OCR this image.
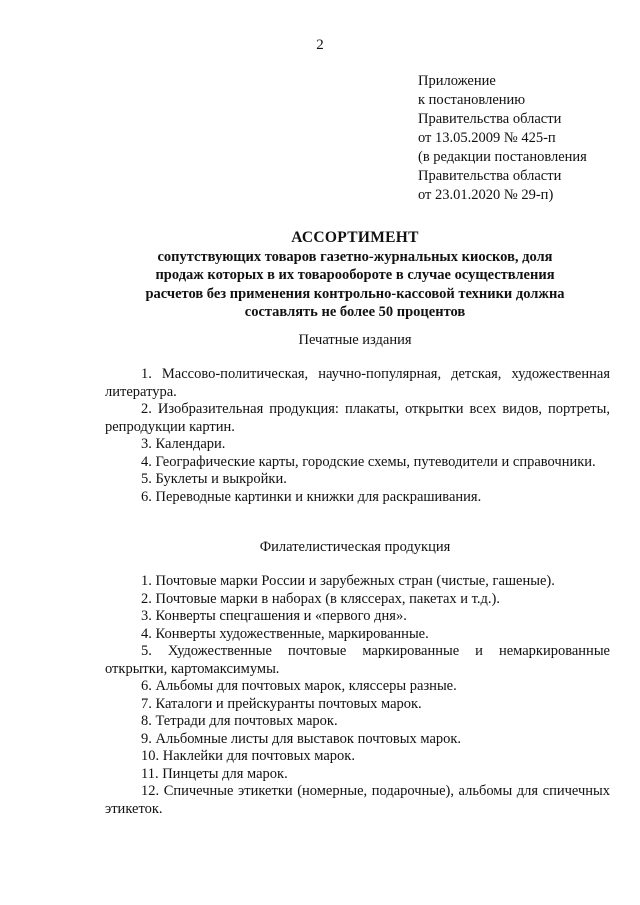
2
Приложение
к постановлению
Правительства области
от 13.05.2009 № 425-п
(в редакции постановления
Правительства области
от 23.01.2020 № 29-п)
АССОРТИМЕНТ
сопутствующих товаров газетно-журнальных киосков, доля
продаж которых в их товарообороте в случае осуществления
расчетов без применения контрольно-кассовой техники должна
составлять не более 50 процентов
Печатные издания
1. Массово-политическая, научно-популярная, детская, художественная литература.
2. Изобразительная продукция: плакаты, открытки всех видов, портреты, репродукции картин.
3. Календари.
4. Географические карты, городские схемы, путеводители и справочники.
5. Буклеты и выкройки.
6. Переводные картинки и книжки для раскрашивания.
Филателистическая продукция
1. Почтовые марки России и зарубежных стран (чистые, гашеные).
2. Почтовые марки в наборах (в кляссерах, пакетах и т.д.).
3. Конверты спецгашения и «первого дня».
4. Конверты художественные, маркированные.
5. Художественные почтовые маркированные и немаркированные открытки, картомаксимумы.
6. Альбомы для почтовых марок, кляссеры разные.
7. Каталоги и прейскуранты почтовых марок.
8. Тетради для почтовых марок.
9. Альбомные листы для выставок почтовых марок.
10. Наклейки для почтовых марок.
11. Пинцеты для марок.
12. Спичечные этикетки (номерные, подарочные), альбомы для спичечных этикеток.
